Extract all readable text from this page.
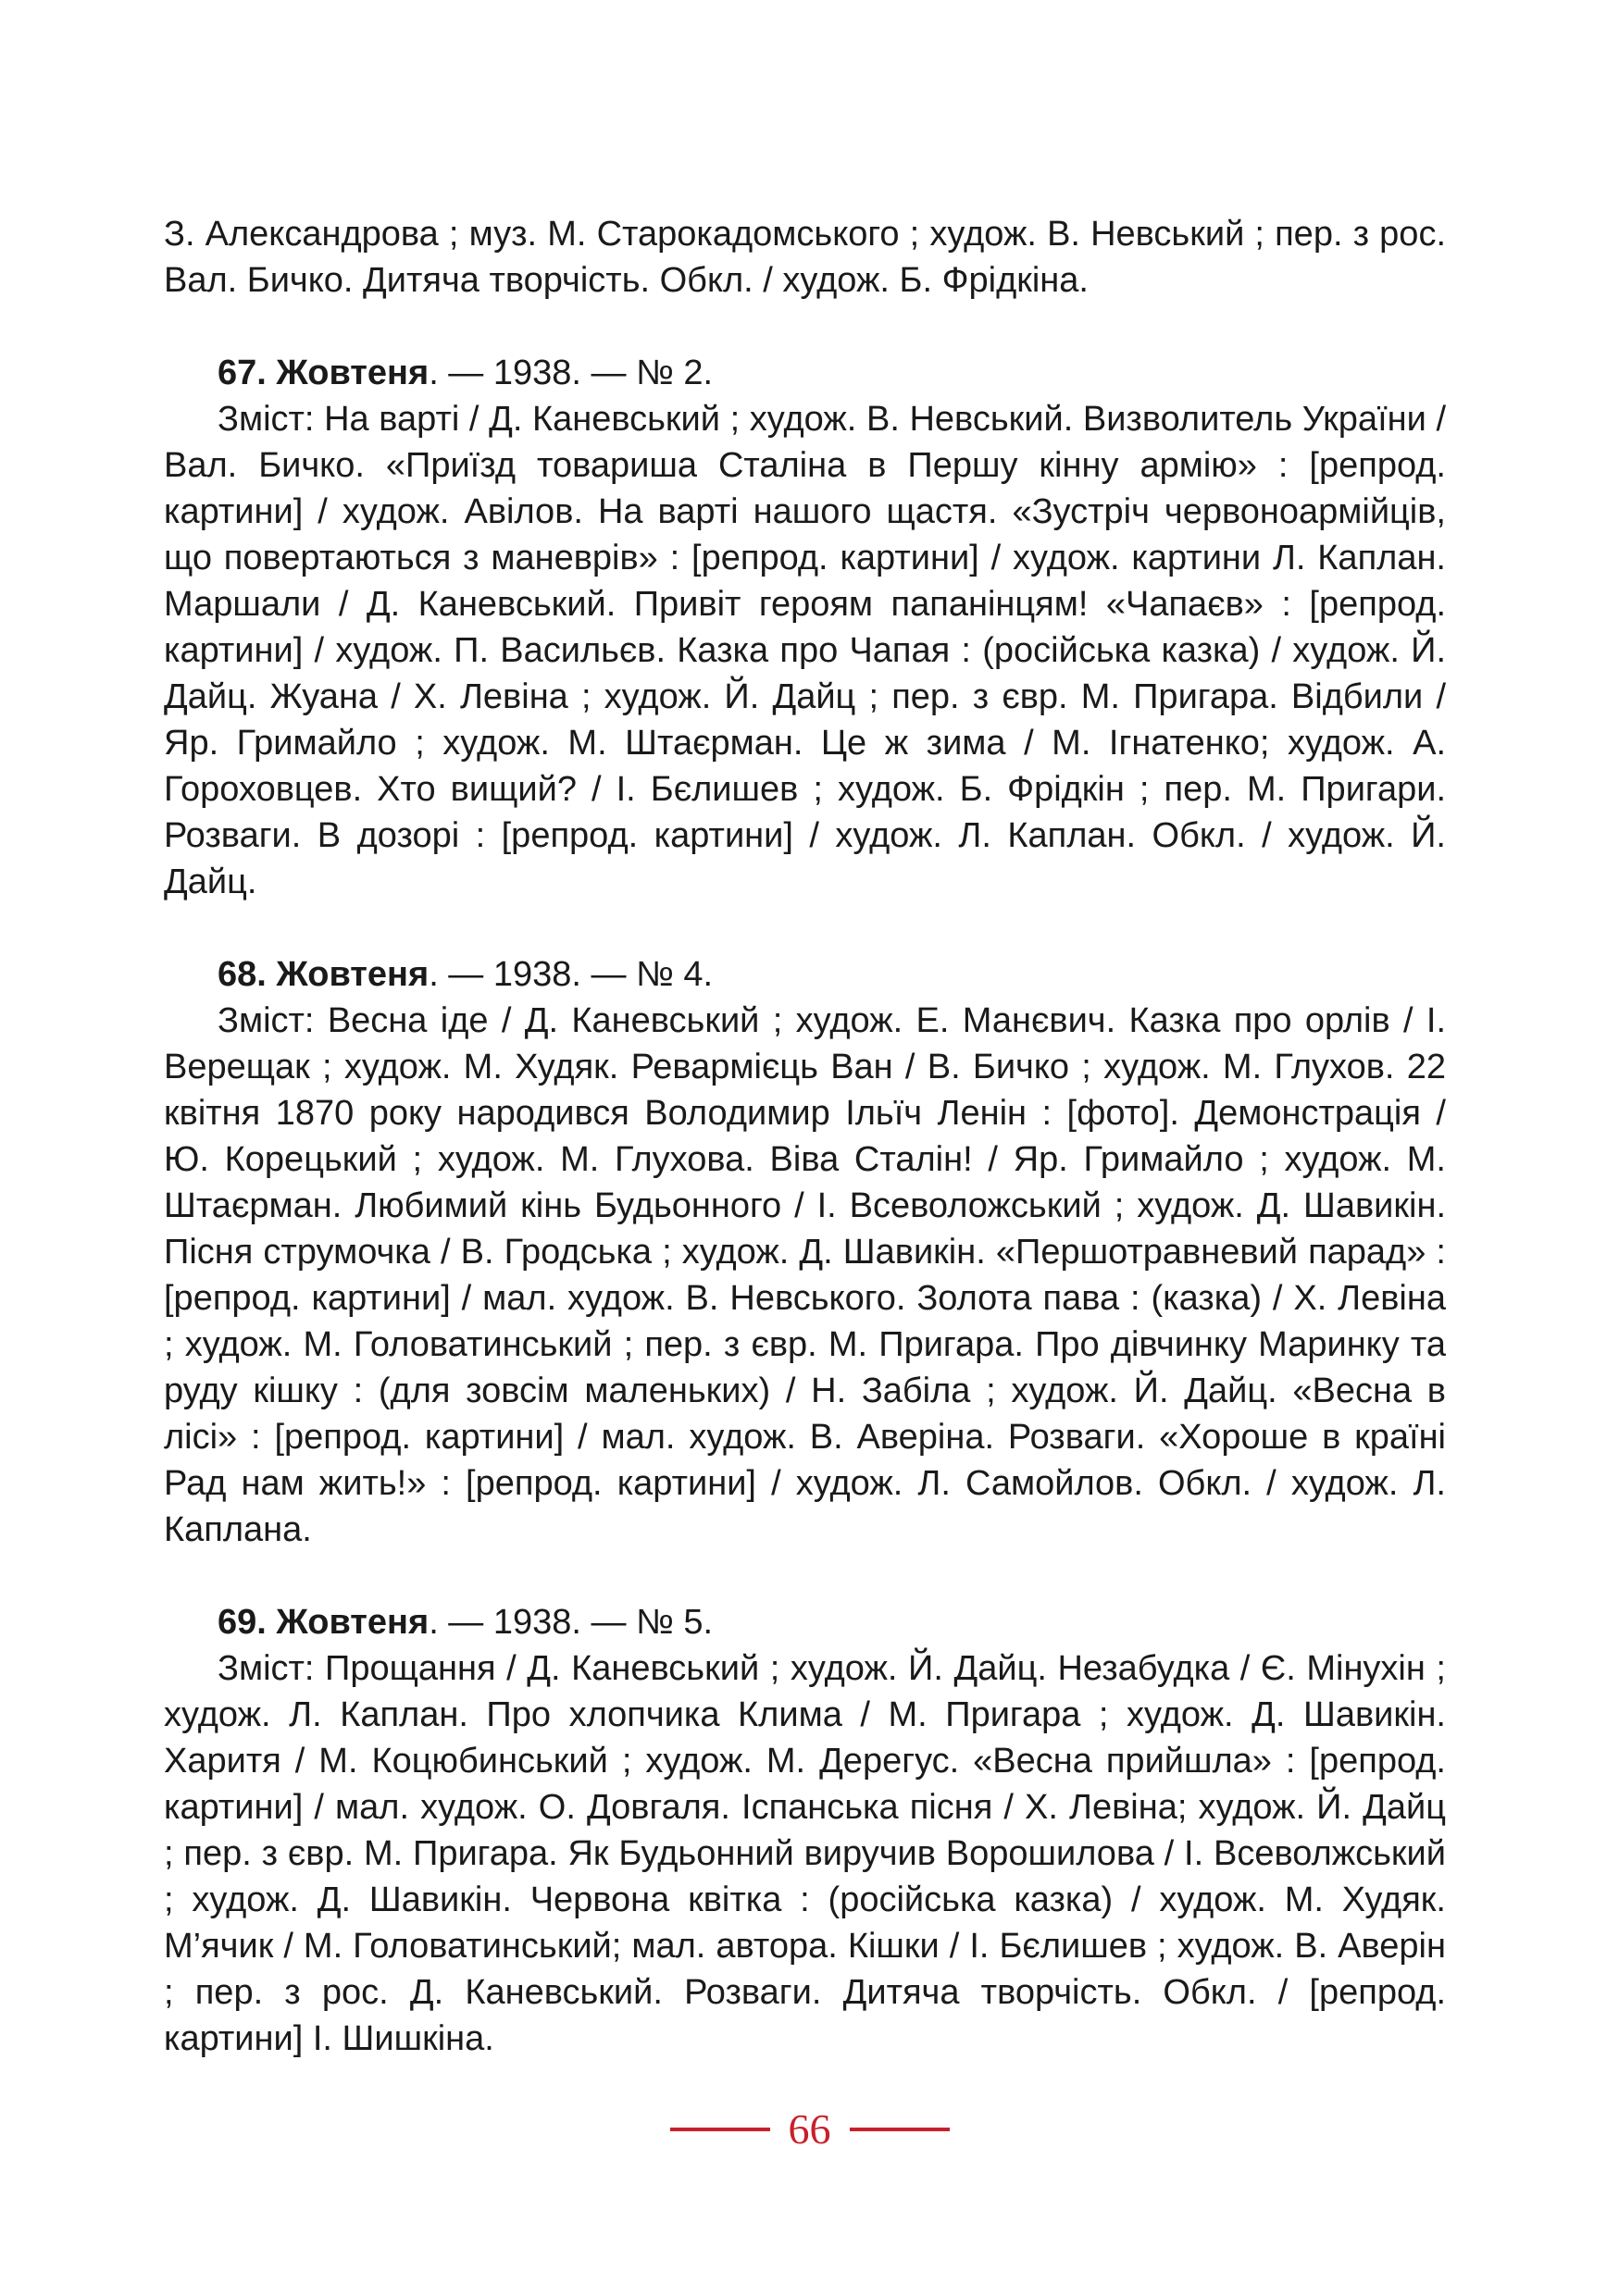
З. Александрова ; муз. М. Старокадомського ; худож. В. Невський ; пер. з рос. Вал. Бичко. Дитяча творчість. Обкл. / худож. Б. Фрідкіна.

67. Жовтеня. — 1938. — № 2.

Зміст: На варті / Д. Каневський ; худож. В. Невський. Визволитель України / Вал. Бичко. «Приїзд товариша Сталіна в Першу кінну армію» : [репрод. картини] / худож. Авілов. На варті нашого щастя. «Зустріч червоноармійців, що повертаються з маневрів» : [репрод. картини] / худож. картини Л. Каплан. Маршали / Д. Каневський. Привіт героям папанінцям! «Чапаєв» : [репрод. картини] / худож. П. Васильєв. Казка про Чапая : (російська казка) / худож. Й. Дайц. Жуана / Х. Левіна ; худож. Й. Дайц ; пер. з євр. М. Пригара. Відбили / Яр. Гримайло ; худож. М. Штаєрман. Це ж зима / М. Ігнатенко; худож. А. Гороховцев. Хто вищий? / І. Бєлишев ; худож. Б. Фрідкін ; пер. М. Пригари. Розваги. В дозорі : [репрод. картини] / худож. Л. Каплан. Обкл. / худож. Й. Дайц.

68. Жовтеня. — 1938. — № 4.

Зміст: Весна іде / Д. Каневський ; худож. Е. Манєвич. Казка про орлів / І. Верещак ; худож. М. Худяк. Ревармієць Ван / В. Бичко ; худож. М. Глухов. 22 квітня 1870 року народився Володимир Ільїч Ленін : [фото]. Демонстрація / Ю. Корецький ; худож. М. Глухова. Віва Сталін! / Яр. Гримайло ; худож. М. Штаєрман. Любимий кінь Будьонного / І. Всеволожський ; худож. Д. Шавикін. Пісня струмочка / В. Гродська ; худож. Д. Шавикін. «Першотравневий парад» : [репрод. картини] / мал. худож. В. Невського. Золота пава : (казка) / Х. Левіна ; худож. М. Головатинський ; пер. з євр. М. Пригара. Про дівчинку Маринку та руду кішку : (для зовсім маленьких) / Н. Забіла ; худож. Й. Дайц. «Весна в лісі» : [репрод. картини] / мал. худож. В. Аверіна. Розваги. «Хороше в країні Рад нам жить!» : [репрод. картини] / худож. Л. Самойлов. Обкл. / худож. Л. Каплана.

69. Жовтеня. — 1938. — № 5.

Зміст: Прощання / Д. Каневський ; худож. Й. Дайц. Незабудка / Є. Мінухін ; худож. Л. Каплан. Про хлопчика Клима / М. Пригара ; худож. Д. Шавикін. Харитя / М. Коцюбинський ; худож. М. Дерегус. «Весна прийшла» : [репрод. картини] / мал. худож. О. Довгаля. Іспанська пісня / Х. Левіна; худож. Й. Дайц ; пер. з євр. М. Пригара. Як Будьонний виручив Ворошилова / І. Всеволжський ; худож. Д. Шавикін. Червона квітка : (російська казка) / худож. М. Худяк. М’ячик / М. Головатинський; мал. автора. Кішки / І. Бєлишев ; худож. В. Аверін ; пер. з рос. Д. Каневський. Розваги. Дитяча творчість. Обкл. / [репрод. картини] І. Шишкіна.

66
